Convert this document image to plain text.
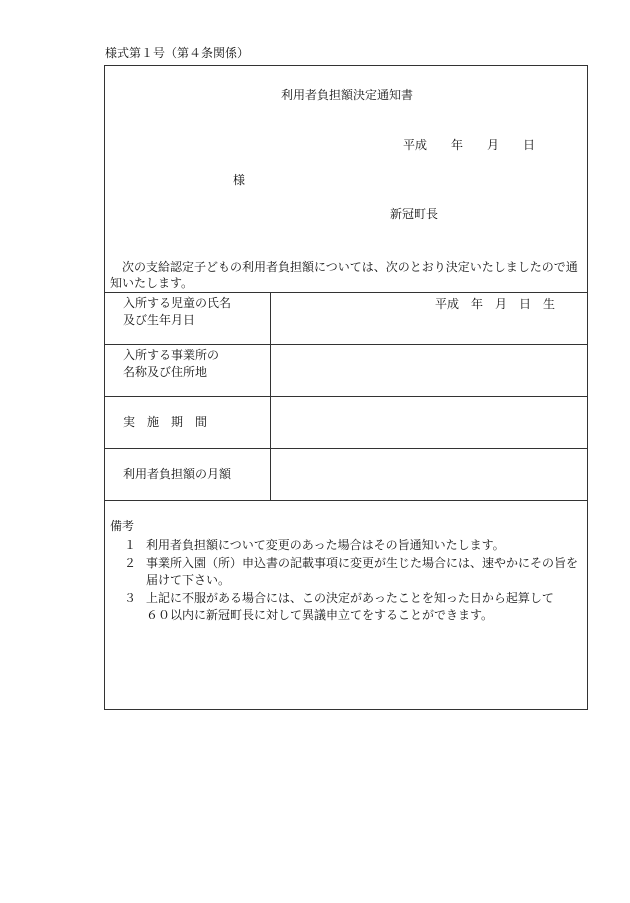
様式第１号（第４条関係）
利用者負担額決定通知書
平成　　年　　月　　日
様
新冠町長
次の支給認定子どもの利用者負担額については、次のとおり決定いたしましたので通知いたします。
入所する児童の氏名
及び生年月日	平成　年　月　日　生

入所する事業所の
名称及び住所地	

実　施　期　間	

利用者負担額の月額	

備考
１ 利用者負担額について変更のあった場合はその旨通知いたします。
２ 事業所入園（所）申込書の記載事項に変更が生じた場合には、速やかにその旨を
届けて下さい。
３ 上記に不服がある場合には、この決定があったことを知った日から起算して
６０以内に新冠町長に対して異議申立てをすることができます。
